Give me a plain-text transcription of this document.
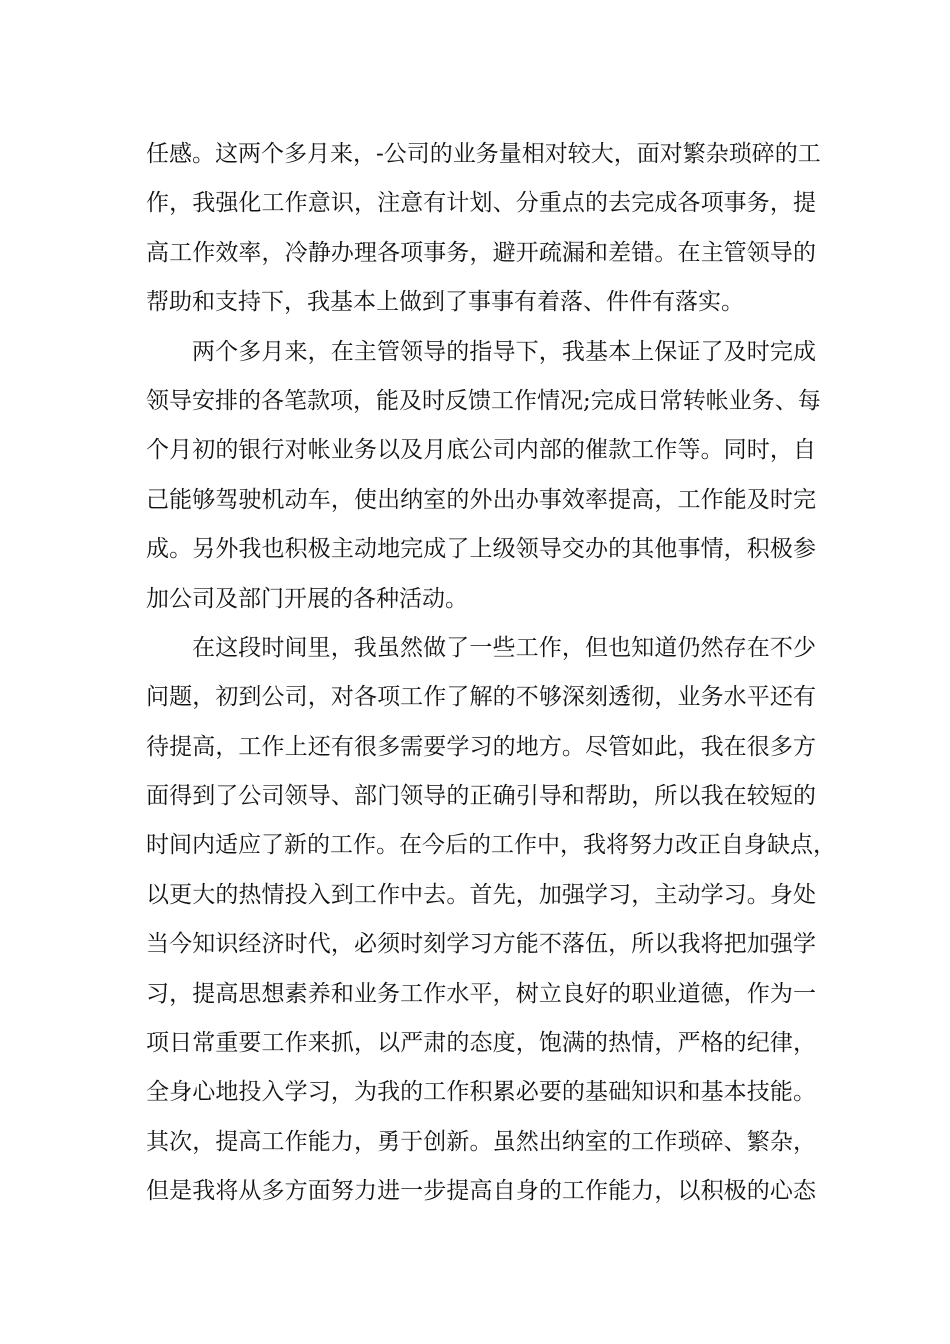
任感。这两个多月来，-公司的业务量相对较大，面对繁杂琐碎的工
作，我强化工作意识，注意有计划、分重点的去完成各项事务，提
高工作效率，冷静办理各项事务，避开疏漏和差错。在主管领导的
帮助和支持下，我基本上做到了事事有着落、件件有落实。
两个多月来，在主管领导的指导下，我基本上保证了及时完成
领导安排的各笔款项，能及时反馈工作情况;完成日常转帐业务、每
个月初的银行对帐业务以及月底公司内部的催款工作等。同时，自
己能够驾驶机动车，使出纳室的外出办事效率提高，工作能及时完
成。另外我也积极主动地完成了上级领导交办的其他事情，积极参
加公司及部门开展的各种活动。
在这段时间里，我虽然做了一些工作，但也知道仍然存在不少
问题，初到公司，对各项工作了解的不够深刻透彻，业务水平还有
待提高，工作上还有很多需要学习的地方。尽管如此，我在很多方
面得到了公司领导、部门领导的正确引导和帮助，所以我在较短的
时间内适应了新的工作。在今后的工作中，我将努力改正自身缺点，
以更大的热情投入到工作中去。首先，加强学习，主动学习。身处
当今知识经济时代，必须时刻学习方能不落伍，所以我将把加强学
习，提高思想素养和业务工作水平，树立良好的职业道德，作为一
项日常重要工作来抓，以严肃的态度，饱满的热情，严格的纪律，
全身心地投入学习，为我的工作积累必要的基础知识和基本技能。
其次，提高工作能力，勇于创新。虽然出纳室的工作琐碎、繁杂，
但是我将从多方面努力进一步提高自身的工作能力，以积极的心态
